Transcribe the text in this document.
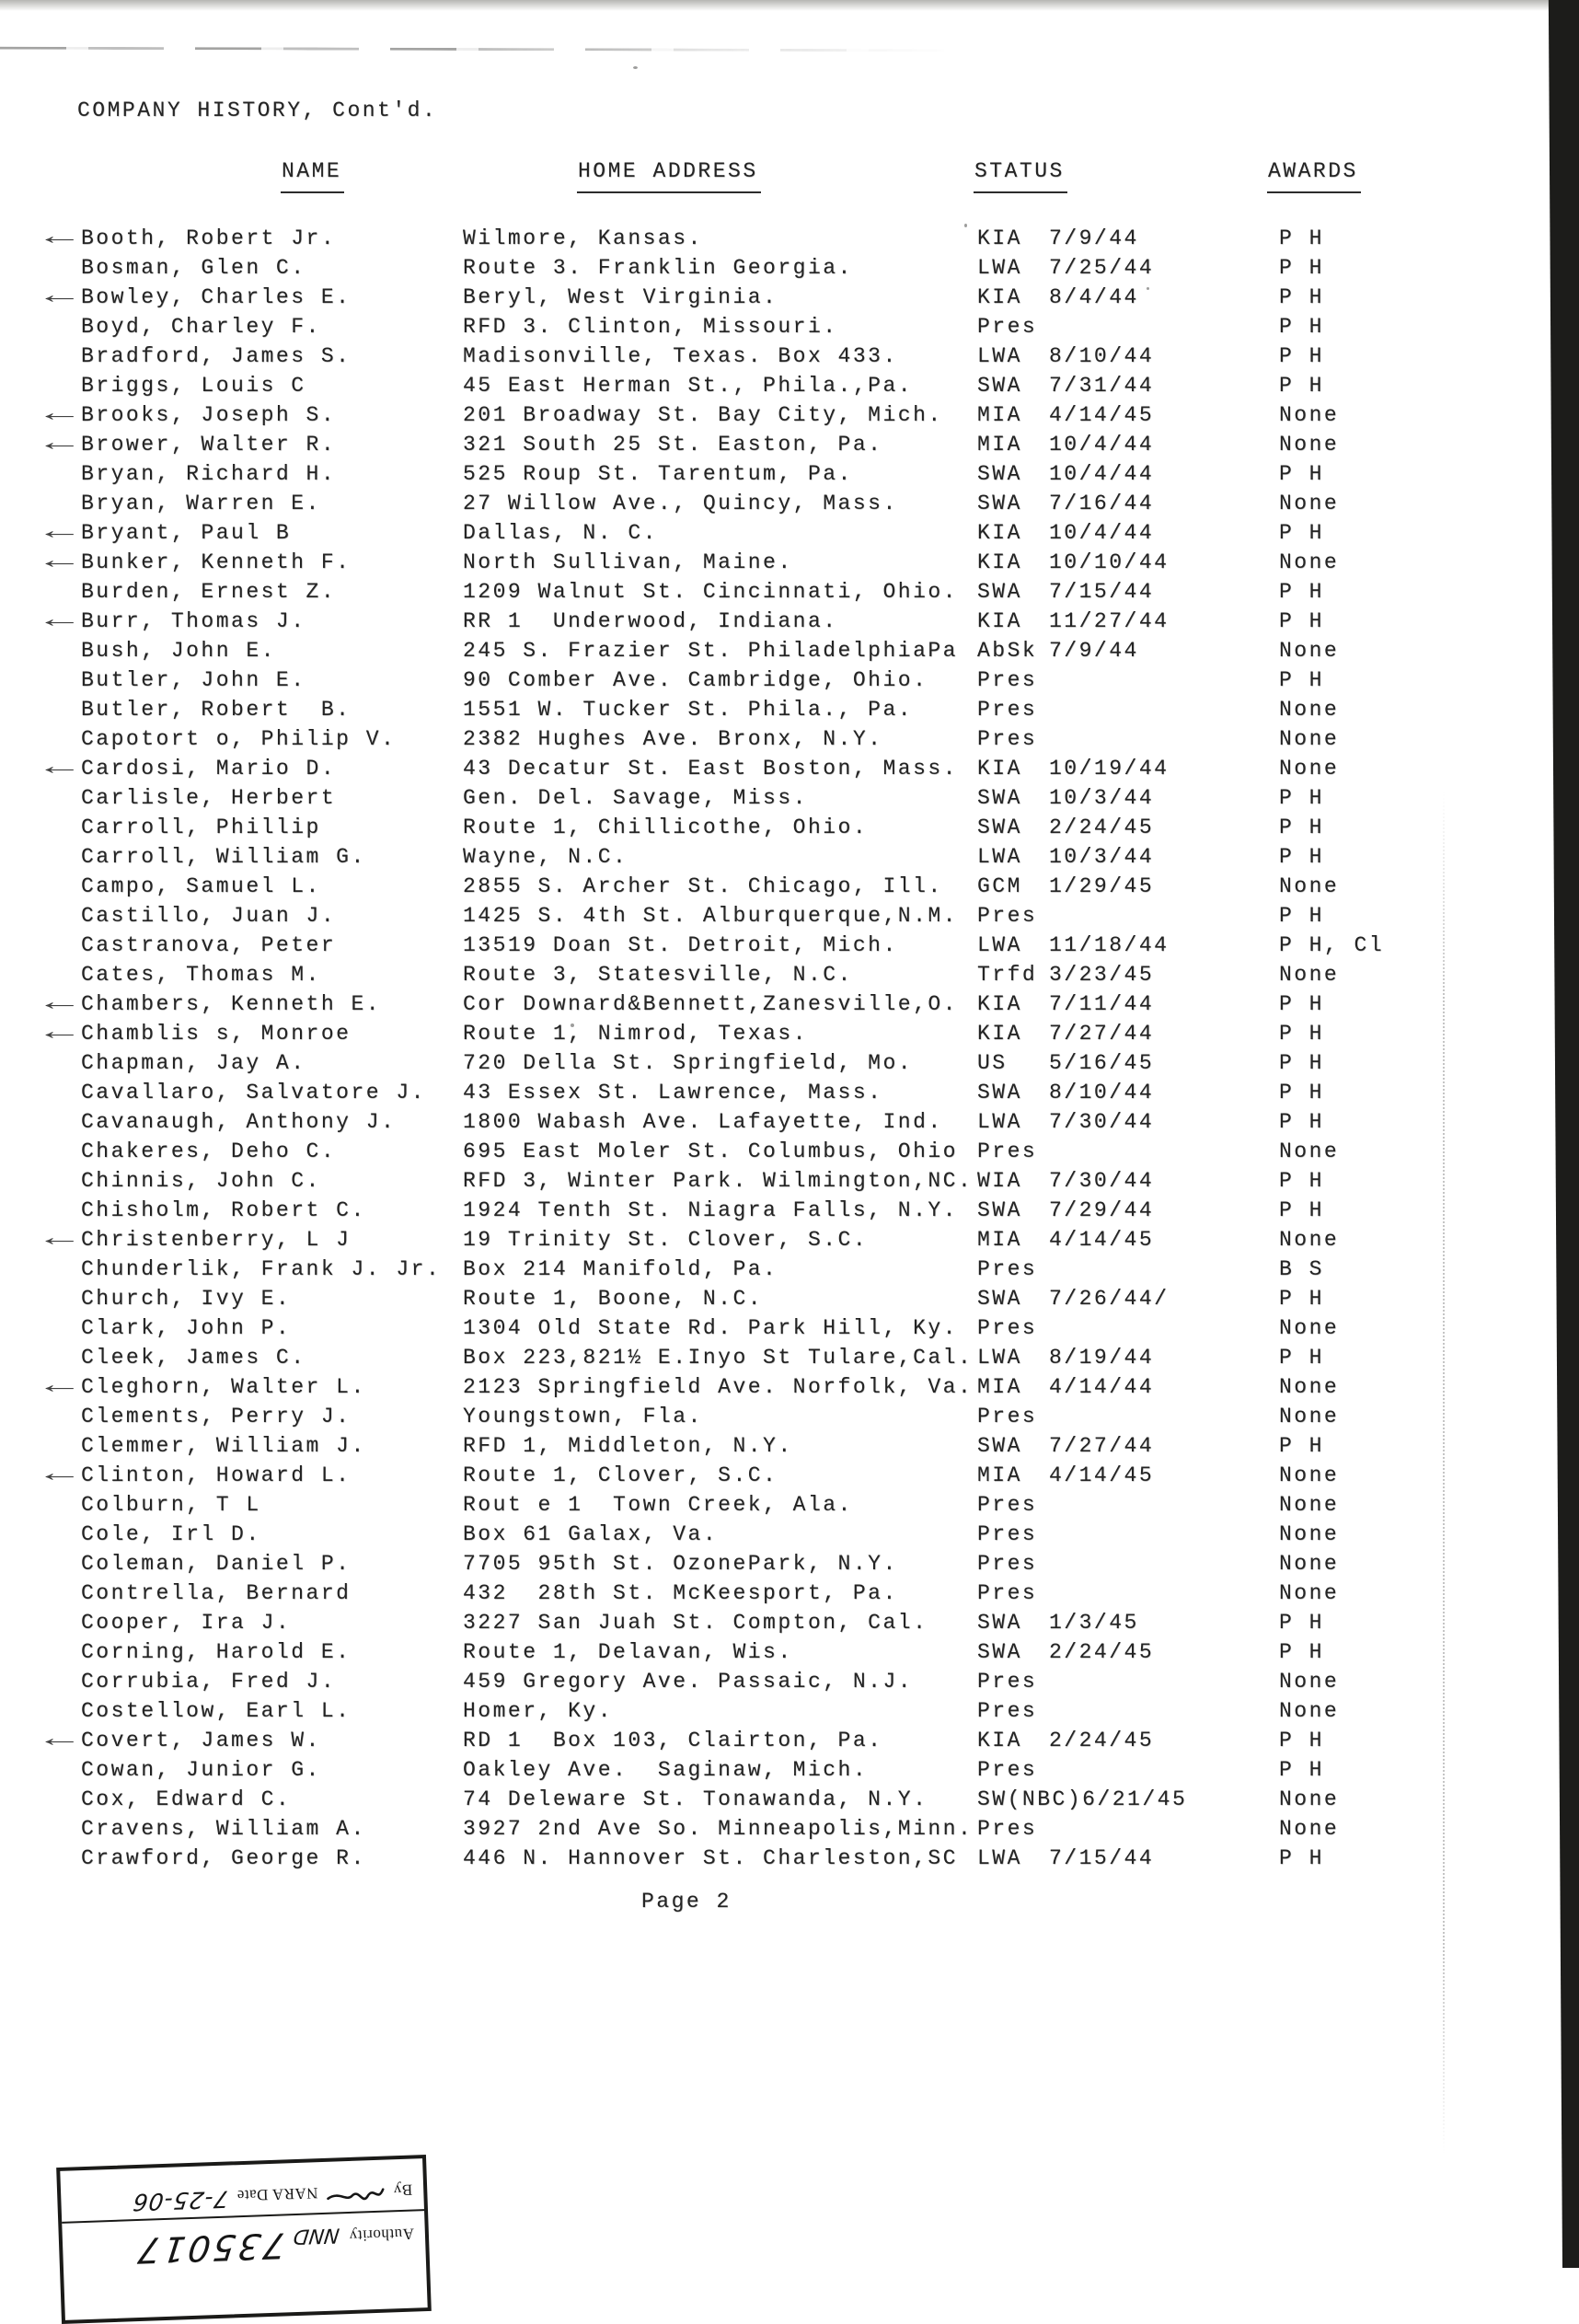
COMPANY HISTORY, Cont'd.
NAME	HOME ADDRESS	STATUS	AWARDS
← Booth, Robert Jr.	Wilmore, Kansas.	KIA 7/9/44	P H
Bosman, Glen C.	Route 3. Franklin Georgia.	LWA 7/25/44	P H
← Bowley, Charles E.	Beryl, West Virginia.	KIA 8/4/44	P H
Boyd, Charley F.	RFD 3. Clinton, Missouri.	Pres	P H
Bradford, James S.	Madisonville, Texas. Box 433.	LWA 8/10/44	P H
Briggs, Louis C	45 East Herman St., Phila.,Pa.	SWA 7/31/44	P H
← Brooks, Joseph S.	201 Broadway St. Bay City, Mich.	MIA 4/14/45	None
← Brower, Walter R.	321 South 25 St. Easton, Pa.	MIA 10/4/44	None
Bryan, Richard H.	525 Roup St. Tarentum, Pa.	SWA 10/4/44	P H
Bryan, Warren E.	27 Willow Ave., Quincy, Mass.	SWA 7/16/44	None
← Bryant, Paul B	Dallas, N. C.	KIA 10/4/44	P H
← Bunker, Kenneth F.	North Sullivan, Maine.	KIA 10/10/44	None
Burden, Ernest Z.	1209 Walnut St. Cincinnati, Ohio. SWA 7/15/44	P H
← Burr, Thomas J.	RR 1  Underwood, Indiana.	KIA 11/27/44	P H
Bush, John E.	245 S. Frazier St. PhiladelphiaPa AbSk 7/9/44	None
Butler, John E.	90 Comber Ave. Cambridge, Ohio.	Pres	P H
Butler, Robert  B.	1551 W. Tucker St. Phila., Pa.	Pres	None
Capotort o, Philip V.	2382 Hughes Ave. Bronx, N.Y.	Pres	None
← Cardosi, Mario D.	43 Decatur St. East Boston, Mass. KIA 10/19/44	None
Carlisle, Herbert	Gen. Del. Savage, Miss.	SWA 10/3/44	P H
Carroll, Phillip	Route 1, Chillicothe, Ohio.	SWA 2/24/45	P H
Carroll, William G.	Wayne, N.C.	LWA 10/3/44	P H
Campo, Samuel L.	2855 S. Archer St. Chicago, Ill.	GCM 1/29/45	None
Castillo, Juan J.	1425 S. 4th St. Alburquerque,N.M. Pres	P H
Castranova, Peter	13519 Doan St. Detroit, Mich.	LWA 11/18/44	P H, Cl
Cates, Thomas M.	Route 3, Statesville, N.C.	Trfd 3/23/45	None
← Chambers, Kenneth E.	Cor Downard&Bennett,Zanesville,O. KIA 7/11/44	P H
← Chamblis s, Monroe	Route 1, Nimrod, Texas.	KIA 7/27/44	P H
Chapman, Jay A.	720 Della St. Springfield, Mo.	US 5/16/45	P H
Cavallaro, Salvatore J.	43 Essex St. Lawrence, Mass.	SWA 8/10/44	P H
Cavanaugh, Anthony J.	1800 Wabash Ave. Lafayette, Ind.	LWA 7/30/44	P H
Chakeres, Deho C.	695 East Moler St. Columbus, Ohio Pres	None
Chinnis, John C.	RFD 3, Winter Park. Wilmington,NC. WIA 7/30/44	P H
Chisholm, Robert C.	1924 Tenth St. Niagra Falls, N.Y. SWA 7/29/44	P H
← Christenberry, L J	19 Trinity St. Clover, S.C.	MIA 4/14/45	None
Chunderlik, Frank J. Jr.	Box 214 Manifold, Pa.	Pres	B S
Church, Ivy E.	Route 1, Boone, N.C.	SWA 7/26/44/	P H
Clark, John P.	1304 Old State Rd. Park Hill, Ky. Pres	None
Cleek, James C.	Box 223,821½ E.Inyo St Tulare,Cal. LWA 8/19/44	P H
← Cleghorn, Walter L.	2123 Springfield Ave. Norfolk, Va. MIA 4/14/44	None
Clements, Perry J.	Youngstown, Fla.	Pres	None
Clemmer, William J.	RFD 1, Middleton, N.Y.	SWA 7/27/44	P H
← Clinton, Howard L.	Route 1, Clover, S.C.	MIA 4/14/45	None
Colburn, T L	Rout e 1  Town Creek, Ala.	Pres	None
Cole, Irl D.	Box 61 Galax, Va.	Pres	None
Coleman, Daniel P.	7705 95th St. OzonePark, N.Y.	Pres	None
Contrella, Bernard	432  28th St. McKeesport, Pa.	Pres	None
Cooper, Ira J.	3227 San Juah St. Compton, Cal.	SWA 1/3/45	P H
Corning, Harold E.	Route 1, Delavan, Wis.	SWA 2/24/45	P H
Corrubia, Fred J.	459 Gregory Ave. Passaic, N.J.	Pres	None
Costellow, Earl L.	Homer, Ky.	Pres	None
← Covert, James W.	RD 1  Box 103, Clairton, Pa.	KIA 2/24/45	P H
Cowan, Junior G.	Oakley Ave.  Saginaw, Mich.	Pres	P H
Cox, Edward C.	74 Deleware St. Tonawanda, N.Y.	SW(NBC)6/21/45	None
Cravens, William A.	3927 2nd Ave So. Minneapolis,Minn. Pres	None
Crawford, George R.	446 N. Hannover St. Charleston,SC LWA 7/15/44	P H
Page 2
Authority
NND
735017
By
NARA Date
7-25-06
